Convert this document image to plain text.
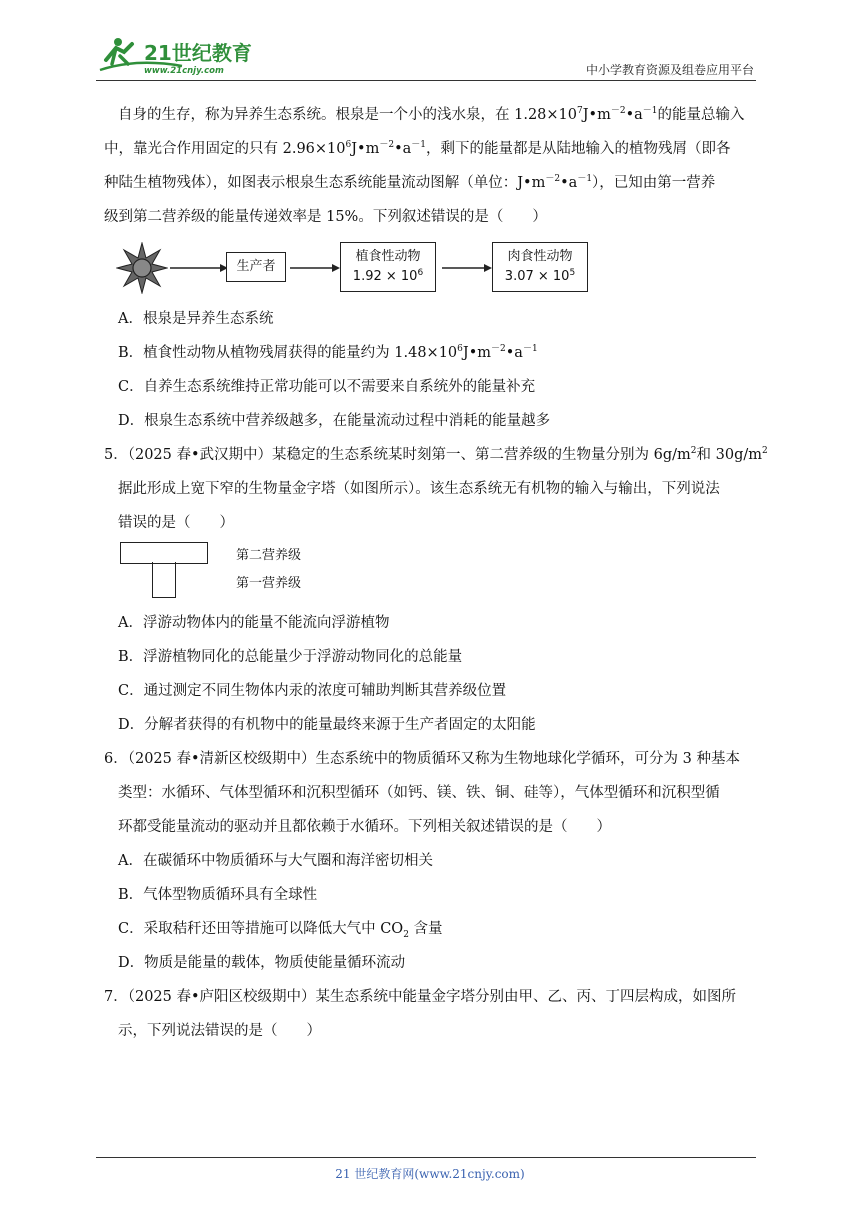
21世纪教育
www.21cnjy.com	中小学教育资源及组卷应用平台
自身的生存，称为异养生态系统。根泉是一个小的浅水泉，在 $1.28\times 10^7J•m^{-2}•a^{-1}$的能量总输入
中，靠光合作用固定的只有 $2.96\times 10^6J•m^{-2}•a^{-1}$，剩下的能量都是从陆地输入的植物残屑（即各
种陆生植物残体），如图表示根泉生态系统能量流动图解（单位：$J•m^{-2}•a^{-1}$），已知由第一营养
级到第二营养级的能量传递效率是 15%。下列叙述错误的是（　　）
生产者
植食性动物
$1.92 \times 10^6$
肉食性动物
$3.07 \times 10^5$
A．根泉是异养生态系统
B．植食性动物从植物残屑获得的能量约为 $1.48\times 10^6J•m^{-2}•a^{-1}$
C．自养生态系统维持正常功能可以不需要来自系统外的能量补充
D．根泉生态系统中营养级越多，在能量流动过程中消耗的能量越多
5．（2025 春•武汉期中）某稳定的生态系统某时刻第一、第二营养级的生物量分别为 $6g/m^2$和 $30g/m^2$
据此形成上宽下窄的生物量金字塔（如图所示）。该生态系统无有机物的输入与输出，下列说法
错误的是（　　）
第二营养级
第一营养级
A．浮游动物体内的能量不能流向浮游植物
B．浮游植物同化的总能量少于浮游动物同化的总能量
C．通过测定不同生物体内汞的浓度可辅助判断其营养级位置
D．分解者获得的有机物中的能量最终来源于生产者固定的太阳能
6．（2025 春•清新区校级期中）生态系统中的物质循环又称为生物地球化学循环，可分为 3 种基本
类型：水循环、气体型循环和沉积型循环（如钙、镁、铁、铜、硅等），气体型循环和沉积型循
环都受能量流动的驱动并且都依赖于水循环。下列相关叙述错误的是（　　）
A．在碳循环中物质循环与大气圈和海洋密切相关
B．气体型物质循环具有全球性
C．采取秸秆还田等措施可以降低大气中 $CO_2$ 含量
D．物质是能量的载体，物质使能量循环流动
7．（2025 春•庐阳区校级期中）某生态系统中能量金字塔分别由甲、乙、丙、丁四层构成，如图所
示，下列说法错误的是（　　）
21 世纪教育网(www.21cnjy.com)
